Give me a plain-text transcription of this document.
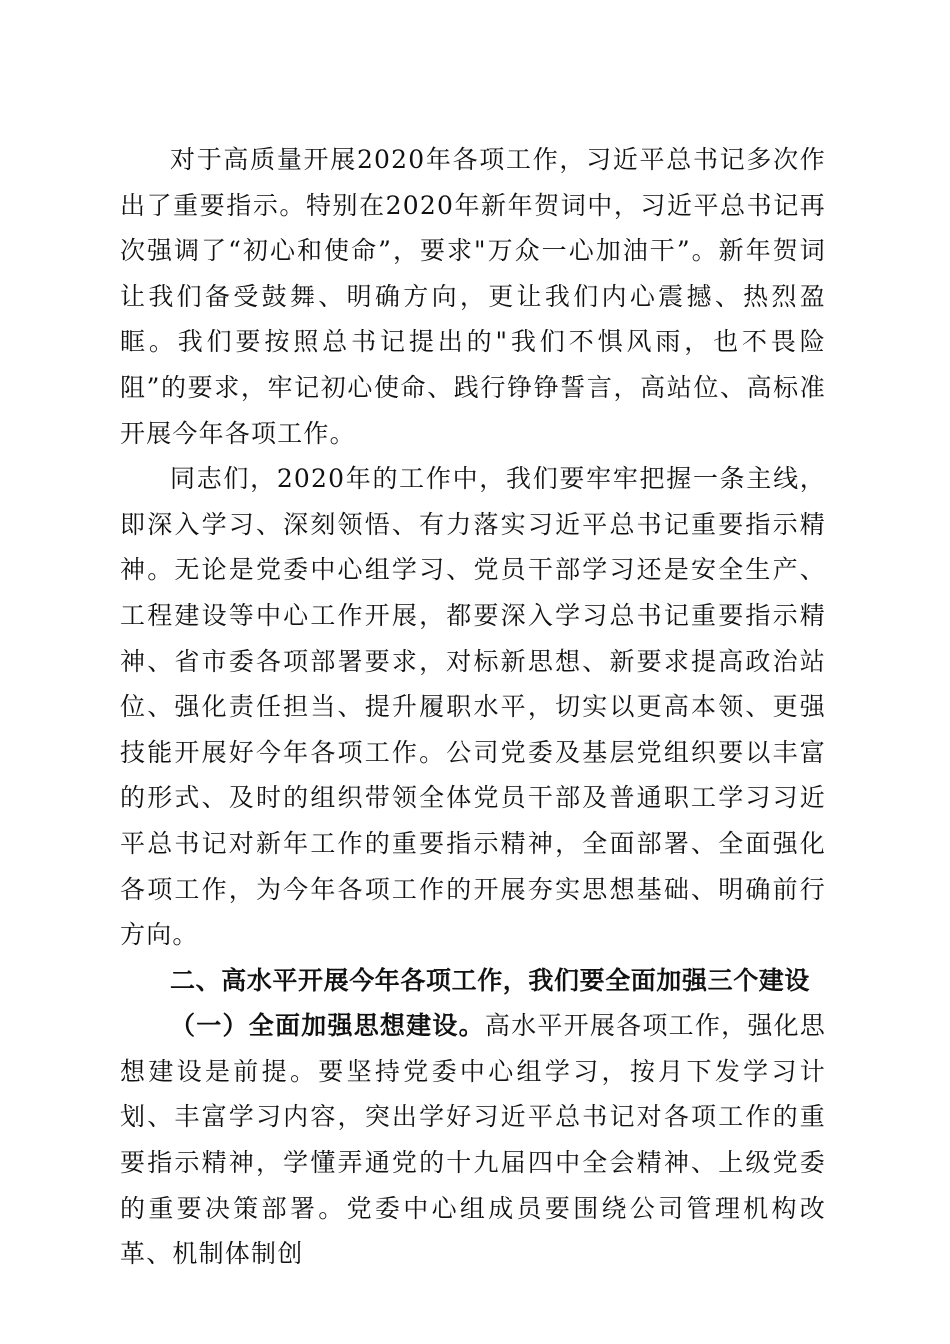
对于高质量开展2020年各项工作，习近平总书记多次作出了重要指示。特别在2020年新年贺词中，习近平总书记再次强调了“初心和使命”，要求"万众一心加油干”。新年贺词让我们备受鼓舞、明确方向，更让我们内心震撼、热烈盈眶。我们要按照总书记提出的"我们不惧风雨，也不畏险阻”的要求，牢记初心使命、践行铮铮誓言，高站位、高标准开展今年各项工作。

同志们，2020年的工作中，我们要牢牢把握一条主线，即深入学习、深刻领悟、有力落实习近平总书记重要指示精神。无论是党委中心组学习、党员干部学习还是安全生产、工程建设等中心工作开展，都要深入学习总书记重要指示精神、省市委各项部署要求，对标新思想、新要求提高政治站位、强化责任担当、提升履职水平，切实以更高本领、更强技能开展好今年各项工作。公司党委及基层党组织要以丰富的形式、及时的组织带领全体党员干部及普通职工学习习近平总书记对新年工作的重要指示精神，全面部署、全面强化各项工作，为今年各项工作的开展夯实思想基础、明确前行方向。

二、高水平开展今年各项工作，我们要全面加强三个建设

（一）全面加强思想建设。高水平开展各项工作，强化思想建设是前提。要坚持党委中心组学习，按月下发学习计划、丰富学习内容，突出学好习近平总书记对各项工作的重要指示精神，学懂弄通党的十九届四中全会精神、上级党委的重要决策部署。党委中心组成员要围绕公司管理机构改革、机制体制创
